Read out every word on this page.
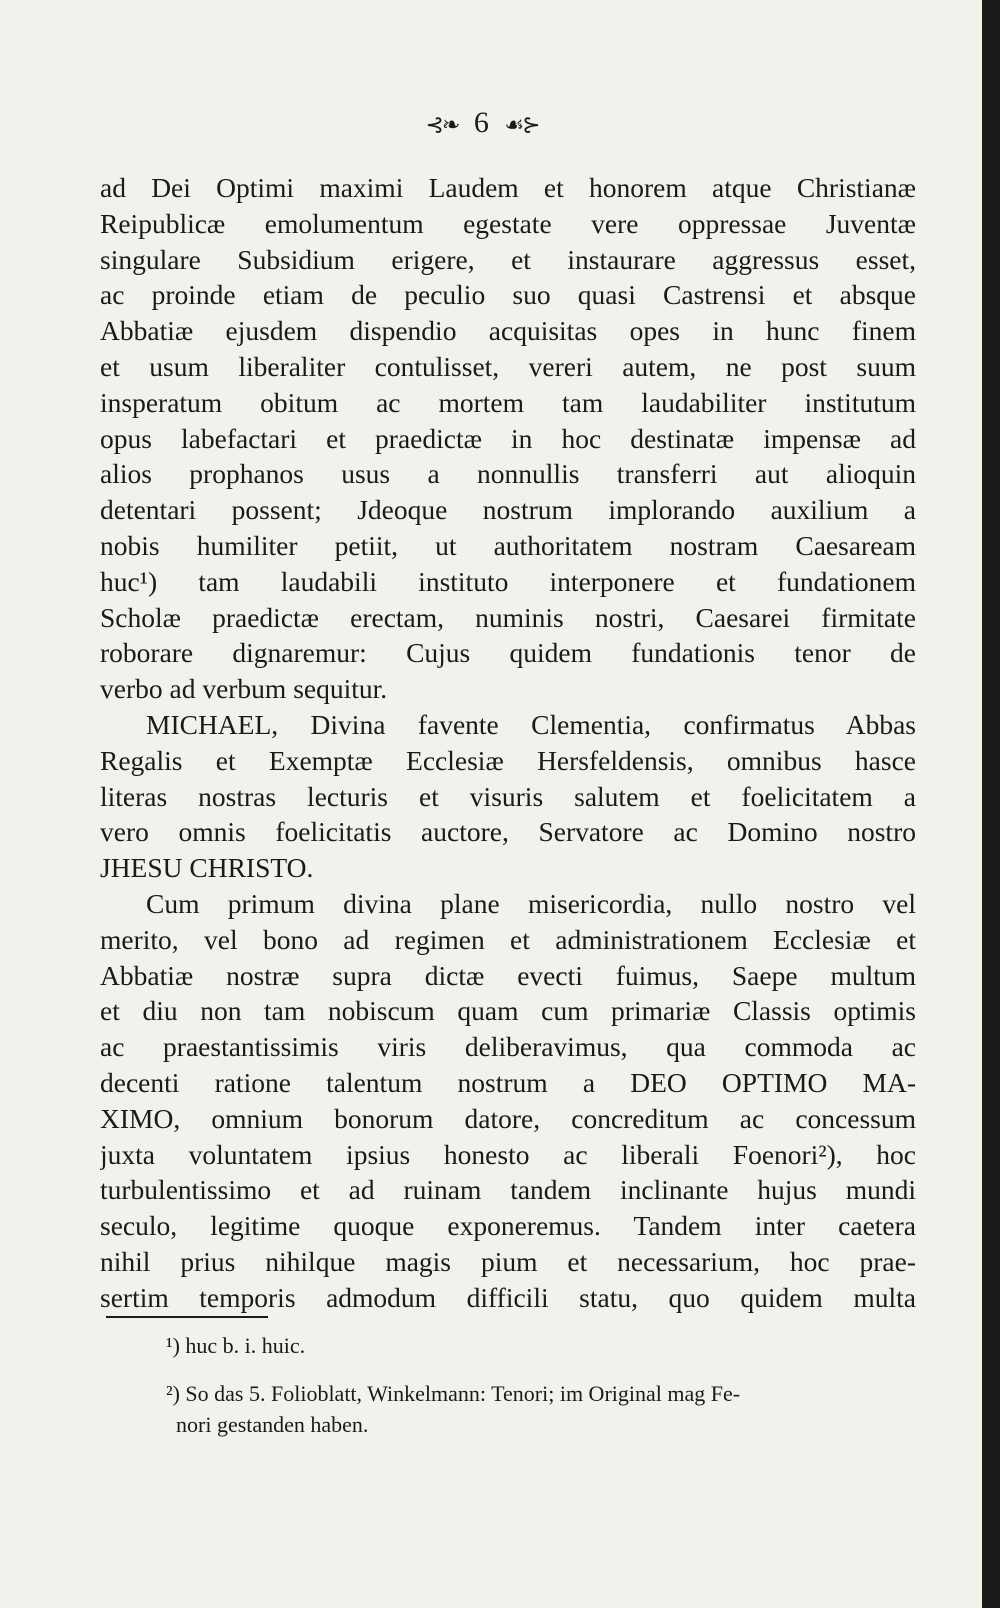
⊰❧ 6 ☙⊱
ad Dei Optimi maximi Laudem et honorem atque Christianæ
Reipublicæ emolumentum egestate vere oppressae Juventæ
singulare Subsidium erigere, et instaurare aggressus esset,
ac proinde etiam de peculio suo quasi Castrensi et absque
Abbatiæ ejusdem dispendio acquisitas opes in hunc finem
et usum liberaliter contulisset, vereri autem, ne post suum
insperatum obitum ac mortem tam laudabiliter institutum
opus labefactari et praedictæ in hoc destinatæ impensæ ad
alios prophanos usus a nonnullis transferri aut alioquin
detentari possent; Jdeoque nostrum implorando auxilium a
nobis humiliter petiit, ut authoritatem nostram Caesaream
huc¹) tam laudabili instituto interponere et fundationem
Scholæ praedictæ erectam, numinis nostri, Caesarei firmitate
roborare dignaremur: Cujus quidem fundationis tenor de
verbo ad verbum sequitur.
MICHAEL, Divina favente Clementia, confirmatus Abbas
Regalis et Exemptæ Ecclesiæ Hersfeldensis, omnibus hasce
literas nostras lecturis et visuris salutem et foelicitatem a
vero omnis foelicitatis auctore, Servatore ac Domino nostro
JHESU CHRISTO.
Cum primum divina plane misericordia, nullo nostro vel
merito, vel bono ad regimen et administrationem Ecclesiæ et
Abbatiæ nostræ supra dictæ evecti fuimus, Saepe multum
et diu non tam nobiscum quam cum primariæ Classis optimis
ac praestantissimis viris deliberavimus, qua commoda ac
decenti ratione talentum nostrum a DEO OPTIMO MA-
XIMO, omnium bonorum datore, concreditum ac concessum
juxta voluntatem ipsius honesto ac liberali Foenori²), hoc
turbulentissimo et ad ruinam tandem inclinante hujus mundi
seculo, legitime quoque exponeremus. Tandem inter caetera
nihil prius nihilque magis pium et necessarium, hoc prae-
sertim temporis admodum difficili statu, quo quidem multa
¹) huc b. i. huic.
²) So das 5. Folioblatt, Winkelmann: Tenori; im Original mag Fe-
nori gestanden haben.
